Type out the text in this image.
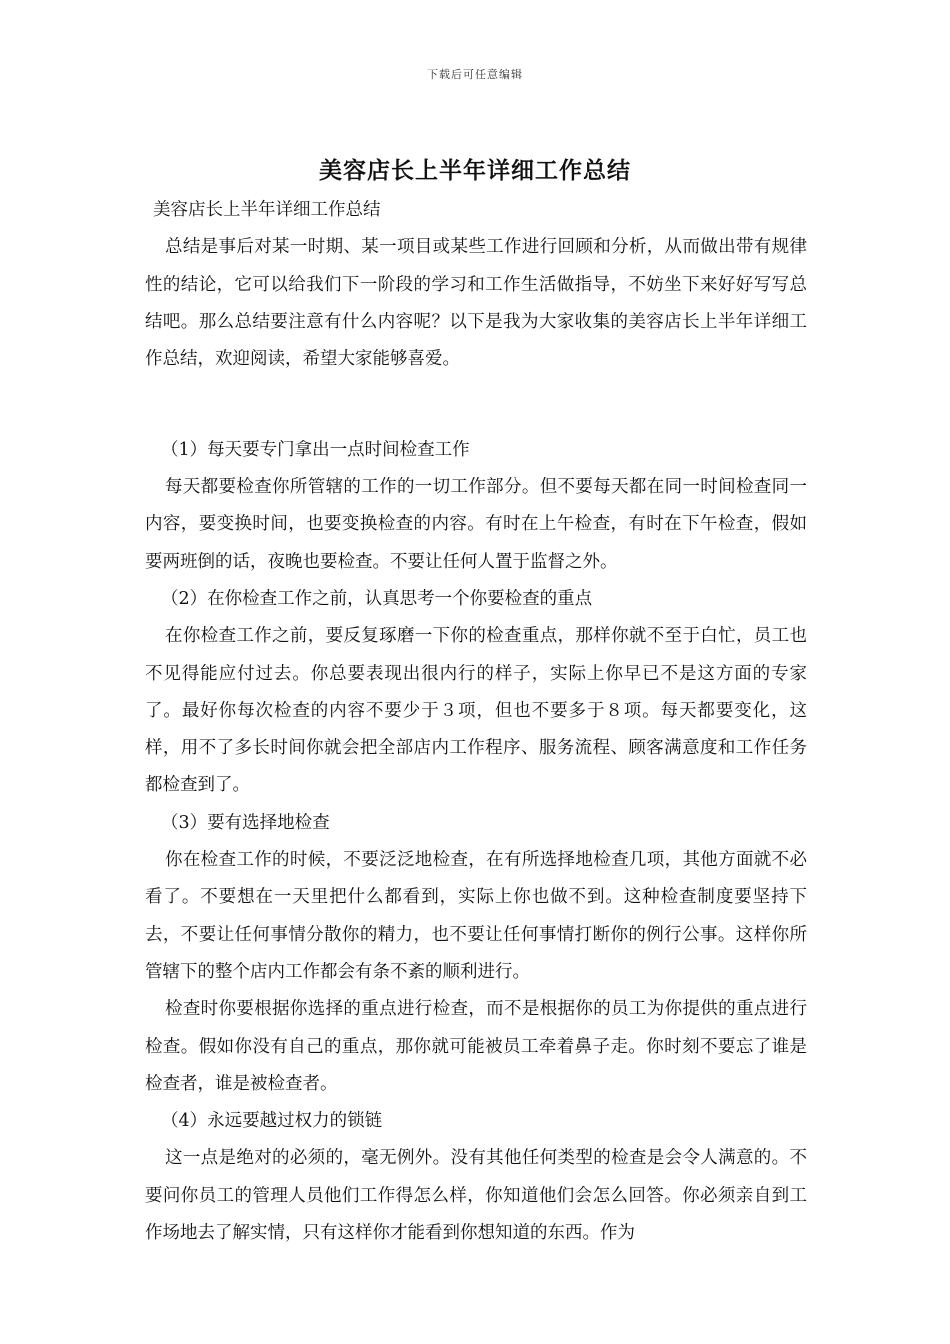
下载后可任意编辑
美容店长上半年详细工作总结

美容店长上半年详细工作总结

总结是事后对某一时期、某一项目或某些工作进行回顾和分析，从而做出带有规律性的结论，它可以给我们下一阶段的学习和工作生活做指导，不妨坐下来好好写写总结吧。那么总结要注意有什么内容呢？以下是我为大家收集的美容店长上半年详细工作总结，欢迎阅读，希望大家能够喜爱。

（1）每天要专门拿出一点时间检查工作

每天都要检查你所管辖的工作的一切工作部分。但不要每天都在同一时间检查同一内容，要变换时间，也要变换检查的内容。有时在上午检查，有时在下午检查，假如要两班倒的话，夜晚也要检查。不要让任何人置于监督之外。

（2）在你检查工作之前，认真思考一个你要检查的重点

在你检查工作之前，要反复琢磨一下你的检查重点，那样你就不至于白忙，员工也不见得能应付过去。你总要表现出很内行的样子，实际上你早已不是这方面的专家了。最好你每次检查的内容不要少于３项，但也不要多于８项。每天都要变化，这样，用不了多长时间你就会把全部店内工作程序、服务流程、顾客满意度和工作任务都检查到了。

（3）要有选择地检查

你在检查工作的时候，不要泛泛地检查，在有所选择地检查几项，其他方面就不必看了。不要想在一天里把什么都看到，实际上你也做不到。这种检查制度要坚持下去，不要让任何事情分散你的精力，也不要让任何事情打断你的例行公事。这样你所管辖下的整个店内工作都会有条不紊的顺利进行。

检查时你要根据你选择的重点进行检查，而不是根据你的员工为你提供的重点进行检查。假如你没有自己的重点，那你就可能被员工牵着鼻子走。你时刻不要忘了谁是检查者，谁是被检查者。

（4）永远要越过权力的锁链

这一点是绝对的必须的，毫无例外。没有其他任何类型的检查是会令人满意的。不要问你员工的管理人员他们工作得怎么样，你知道他们会怎么回答。你必须亲自到工作场地去了解实情，只有这样你才能看到你想知道的东西。作为
